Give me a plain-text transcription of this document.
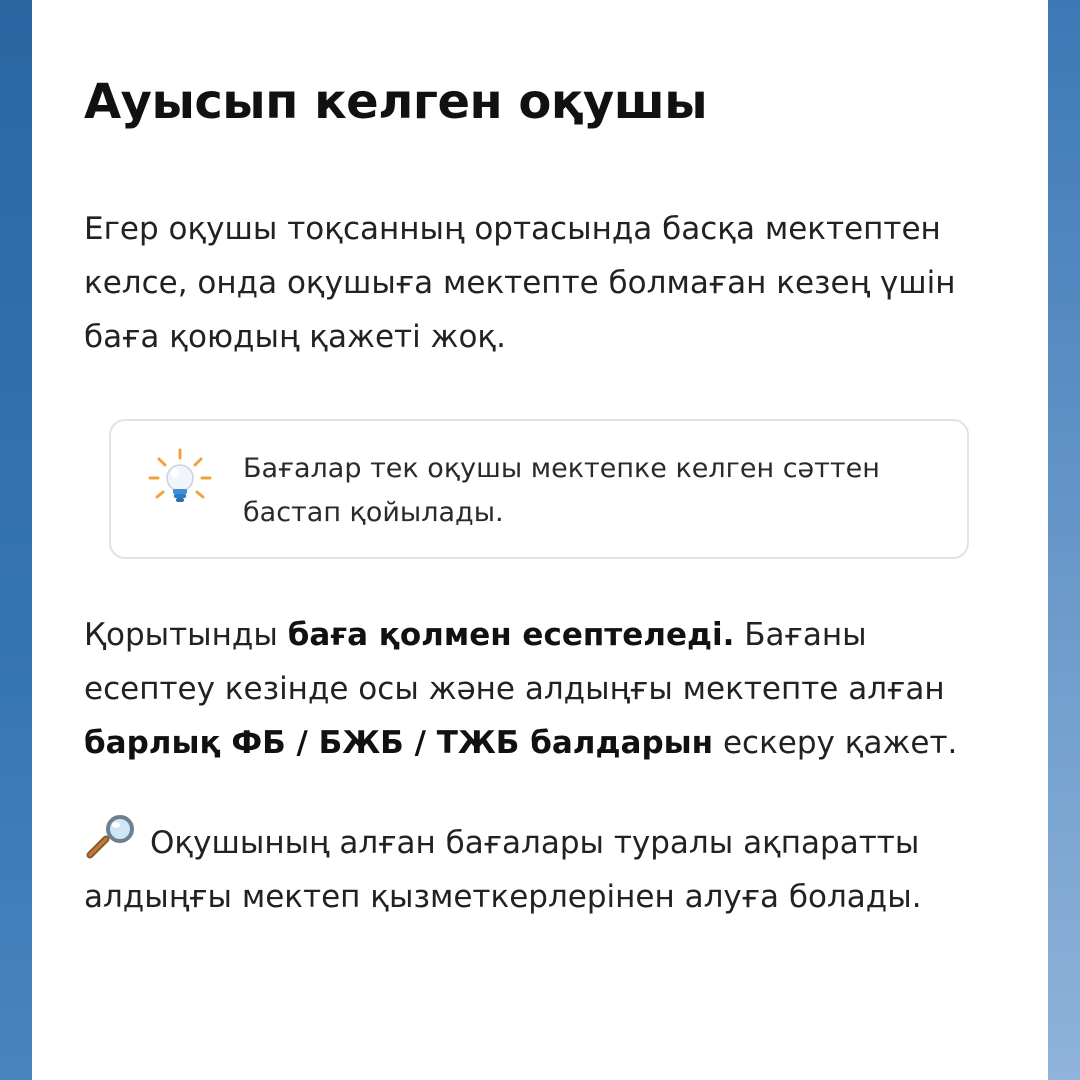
Ауысып келген оқушы

Егер оқушы тоқсанның ортасында басқа мектептен келсе, онда оқушыға мектепте болмаған кезең үшін баға қоюдың қажеті жоқ.

Бағалар тек оқушы мектепке келген сәттен бастап қойылады.

Қорытынды баға қолмен есептеледі. Бағаны есептеу кезінде осы және алдыңғы мектепте алған барлық ФБ / БЖБ / ТЖБ балдарын ескеру қажет.

Оқушының алған бағалары туралы ақпаратты алдыңғы мектеп қызметкерлерінен алуға болады.
